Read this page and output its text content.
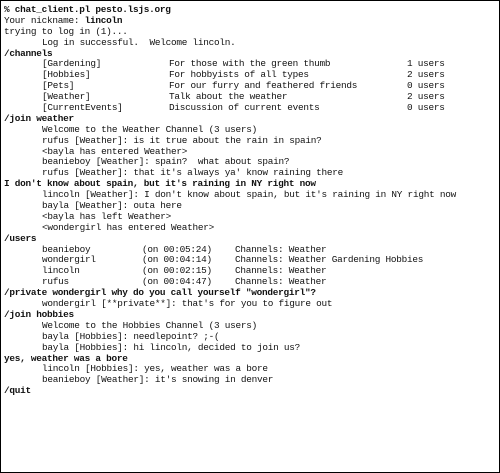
% chat_client.pl pesto.lsjs.org
Your nickname: lincoln
trying to log in (1)...
Log in successful.  Welcome lincoln.
/channels
[Gardening]	For those with the green thumb	1 users
[Hobbies]	For hobbyists of all types	2 users
[Pets]	For our furry and feathered friends	0 users
[Weather]	Talk about the weather	2 users
[CurrentEvents]	Discussion of current events	0 users
/join weather
Welcome to the Weather Channel (3 users)
rufus [Weather]: is it true about the rain in spain?
<bayla has entered Weather>
beanieboy [Weather]: spain?  what about spain?
rufus [Weather]: that it's always ya' know raining there
I don't know about spain, but it's raining in NY right now
lincoln [Weather]: I don't know about spain, but it's raining in NY right now
bayla [Weather]: outa here
<bayla has left Weather>
<wondergirl has entered Weather>
/users
beanieboy	(on 00:05:24) Channels: Weather
wondergirl	(on 00:04:14) Channels: Weather Gardening Hobbies
lincoln	(on 00:02:15) Channels: Weather
rufus	(on 00:04:47) Channels: Weather
/private wondergirl why do you call yourself "wondergirl"?
wondergirl [**private**]: that's for you to figure out
/join hobbies
Welcome to the Hobbies Channel (3 users)
bayla [Hobbies]: needlepoint? ;-(
bayla [Hobbies]: hi lincoln, decided to join us?
yes, weather was a bore
lincoln [Hobbies]: yes, weather was a bore
beanieboy [Weather]: it's snowing in denver
/quit
